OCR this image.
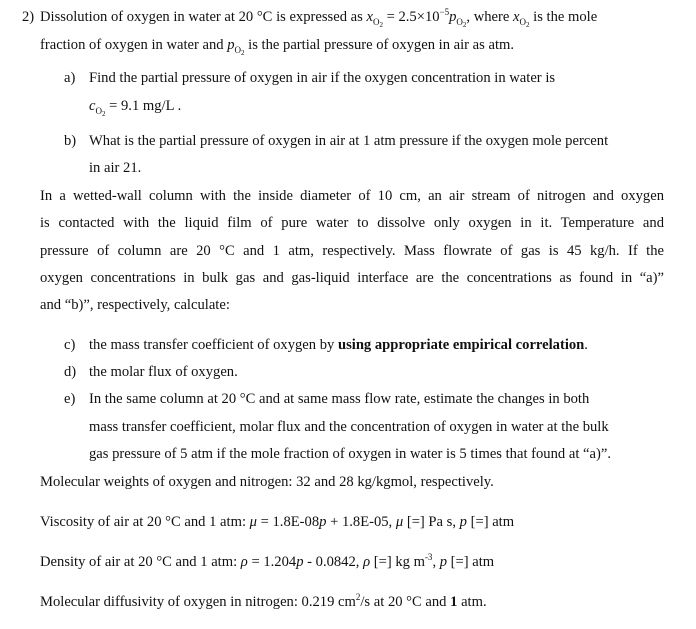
2) Dissolution of oxygen in water at 20 °C is expressed as $x_{O_2} = 2.5\times 10^{-5}p_{O_2}$, where $x_{O_2}$ is the mole
fraction of oxygen in water and $p_{O_2}$ is the partial pressure of oxygen in air as atm.
a) Find the partial pressure of oxygen in air if the oxygen concentration in water is
$c_{O_2} = 9.1$ mg/L .
b) What is the partial pressure of oxygen in air at 1 atm pressure if the oxygen mole percent
in air 21.
In a wetted-wall column with the inside diameter of 10 cm, an air stream of nitrogen and oxygen
is contacted with the liquid film of pure water to dissolve only oxygen in it. Temperature and
pressure of column are 20 °C and 1 atm, respectively. Mass flowrate of gas is 45 kg/h. If the
oxygen concentrations in bulk gas and gas-liquid interface are the concentrations as found in “a)”
and “b)”, respectively, calculate:
c) the mass transfer coefficient of oxygen by using appropriate empirical correlation.
d) the molar flux of oxygen.
e) In the same column at 20 °C and at same mass flow rate, estimate the changes in both
mass transfer coefficient, molar flux and the concentration of oxygen in water at the bulk
gas pressure of 5 atm if the mole fraction of oxygen in water is 5 times that found at “a)”.
Molecular weights of oxygen and nitrogen: 32 and 28 kg/kgmol, respectively.
Viscosity of air at 20 °C and 1 atm: μ = 1.8E-08p + 1.8E-05, μ [=] Pa s, p [=] atm
Density of air at 20 °C and 1 atm: ρ = 1.204p - 0.0842, ρ [=] kg $m^{-3}$, p [=] atm
Molecular diffusivity of oxygen in nitrogen: 0.219 $cm^2/s$ at 20 °C and 1 atm.
